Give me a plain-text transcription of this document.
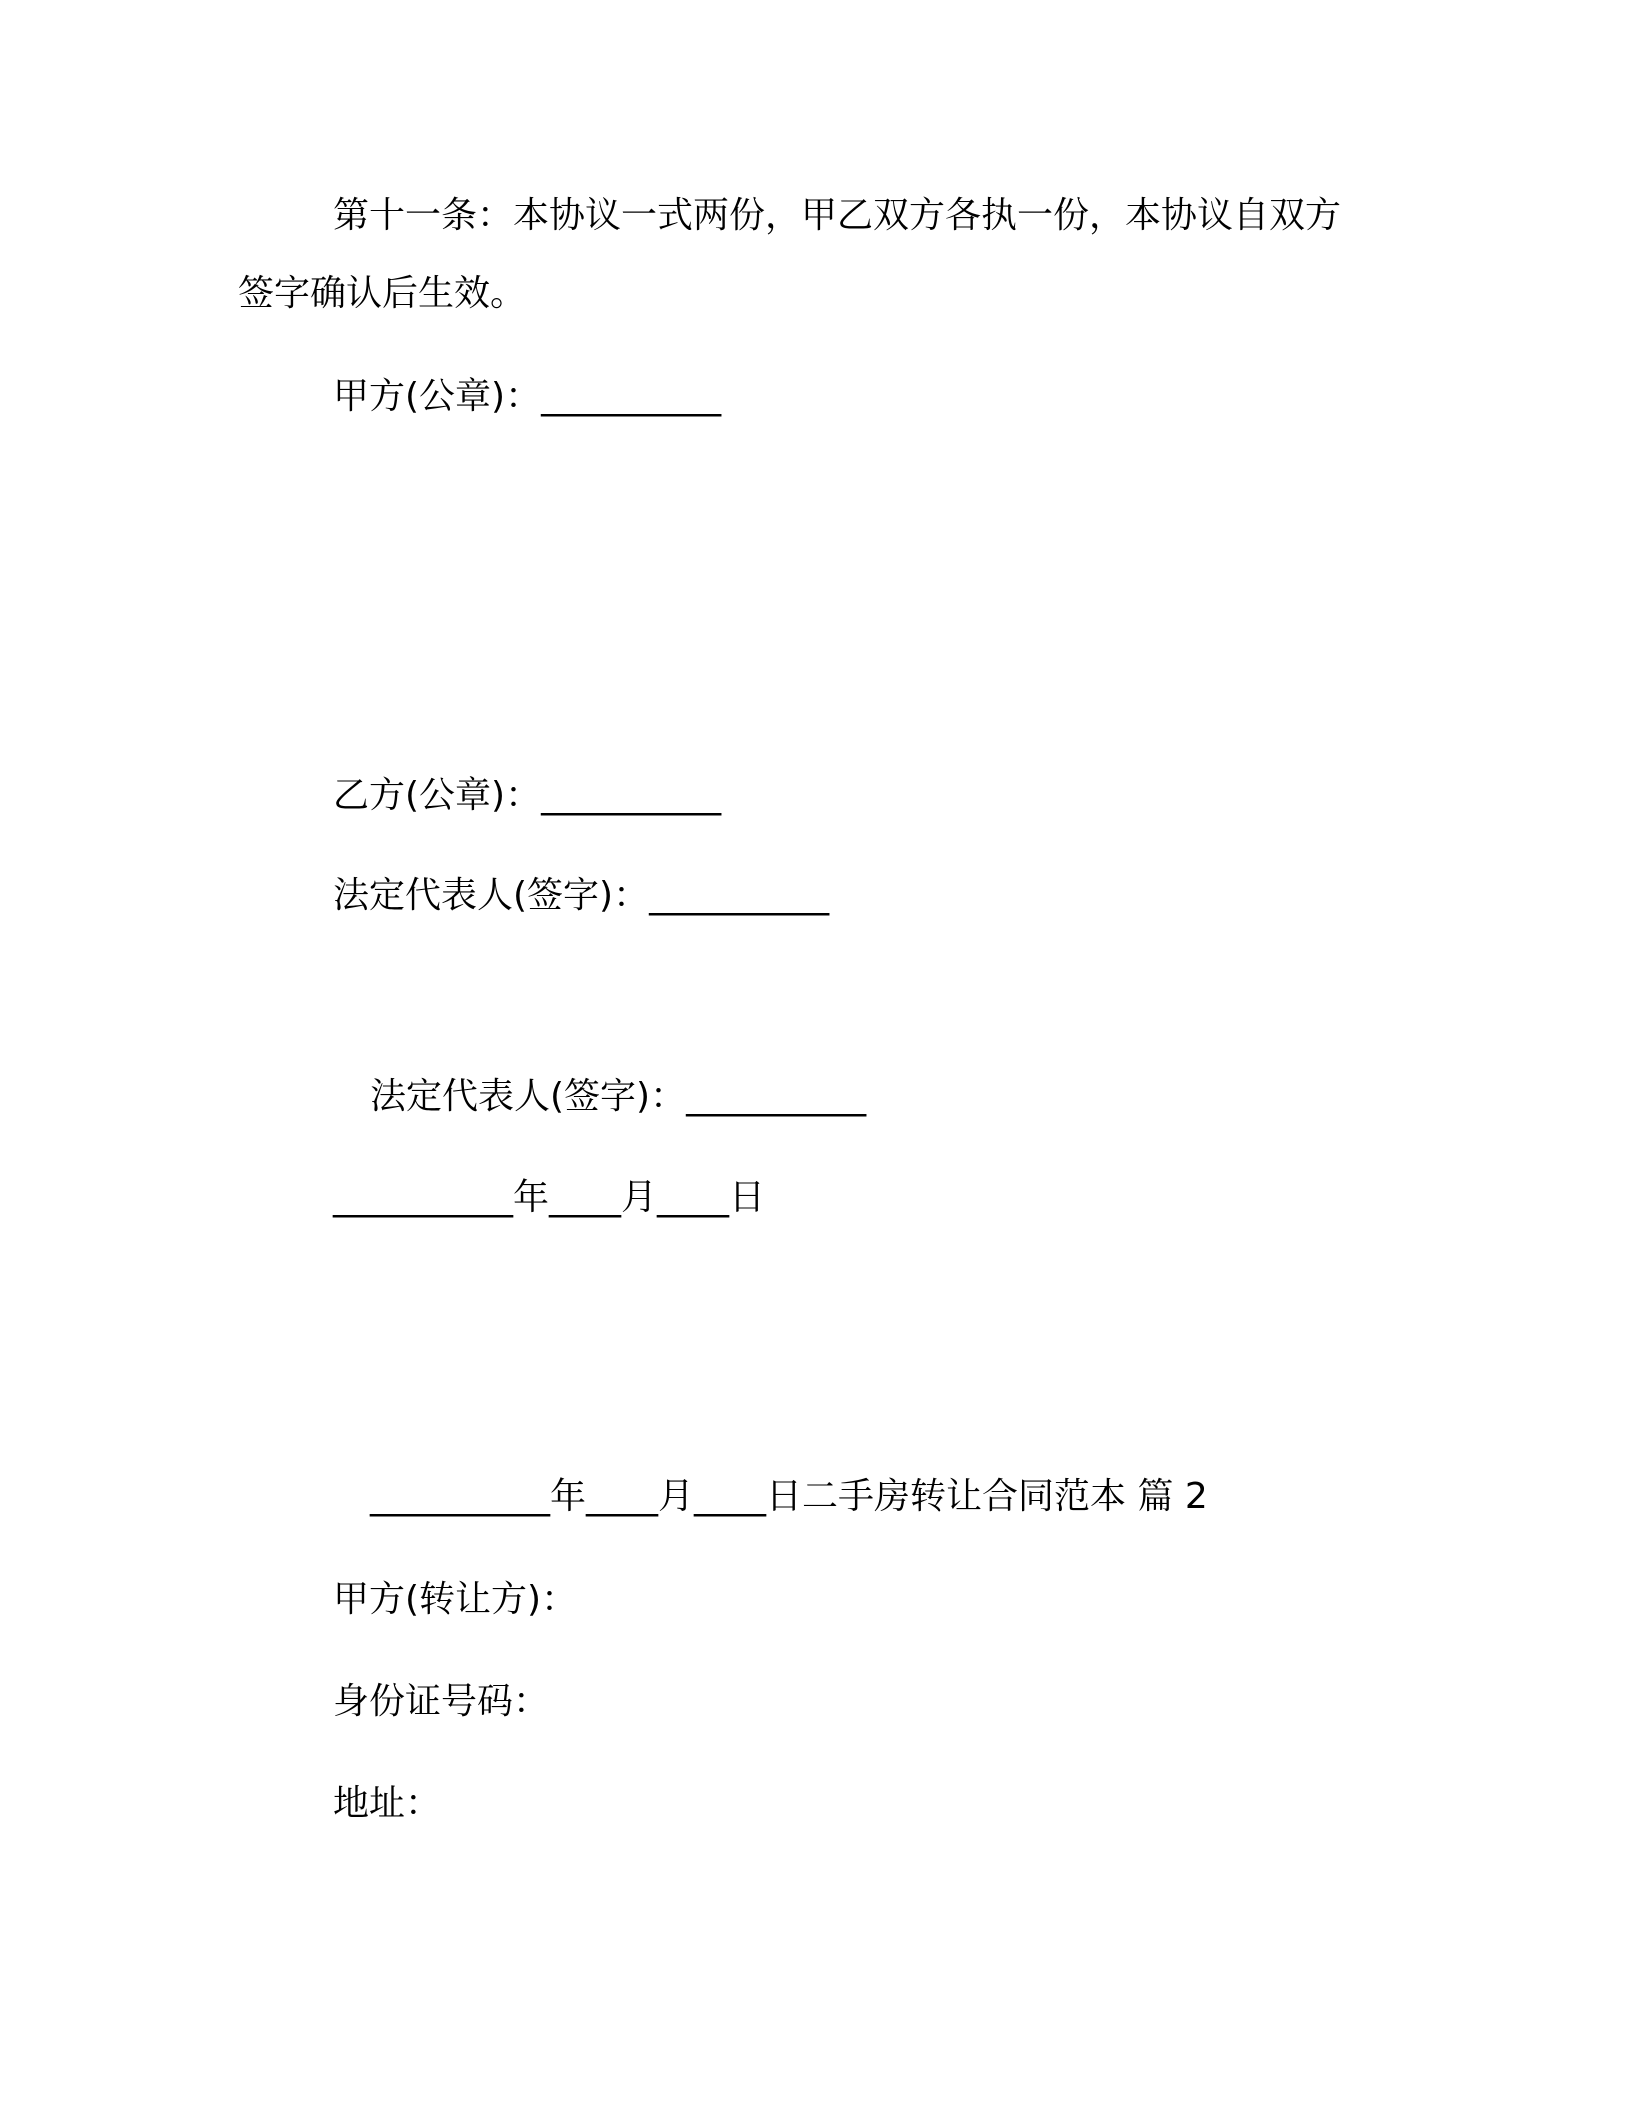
第十一条：本协议一式两份，甲乙双方各执一份，本协议自双方
签字确认后生效。
甲方(公章)：__________
乙方(公章)：__________
法定代表人(签字)：__________
法定代表人(签字)：__________
__________年____月____日
__________年____月____日二手房转让合同范本 篇 2
甲方(转让方)：
身份证号码：
地址：
